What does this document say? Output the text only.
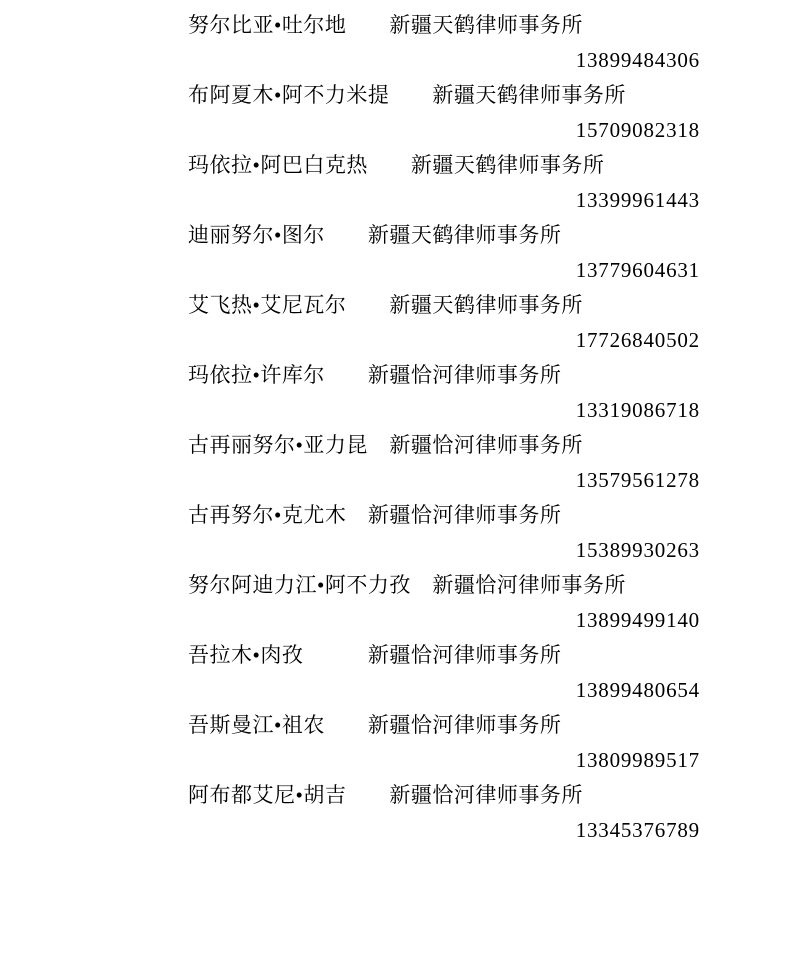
努尔比亚•吐尔地　　 新疆天鹤律师事务所
13899484306
布阿夏木•阿不力米提　　 新疆天鹤律师事务所
15709082318
玛依拉•阿巴白克热　　 新疆天鹤律师事务所
13399961443
迪丽努尔•图尔　　 新疆天鹤律师事务所
13779604631
艾飞热•艾尼瓦尔　　 新疆天鹤律师事务所
17726840502
玛依拉•许库尔　　 新疆恰河律师事务所
13319086718
古再丽努尔•亚力昆　 新疆恰河律师事务所
13579561278
古再努尔•克尤木　 新疆恰河律师事务所
15389930263
努尔阿迪力江•阿不力孜　 新疆恰河律师事务所
13899499140
吾拉木•肉孜　　　	新疆恰河律师事务所
13899480654
吾斯曼江•祖农　　 新疆恰河律师事务所
13809989517
阿布都艾尼•胡吉　　 新疆恰河律师事务所
13345376789
